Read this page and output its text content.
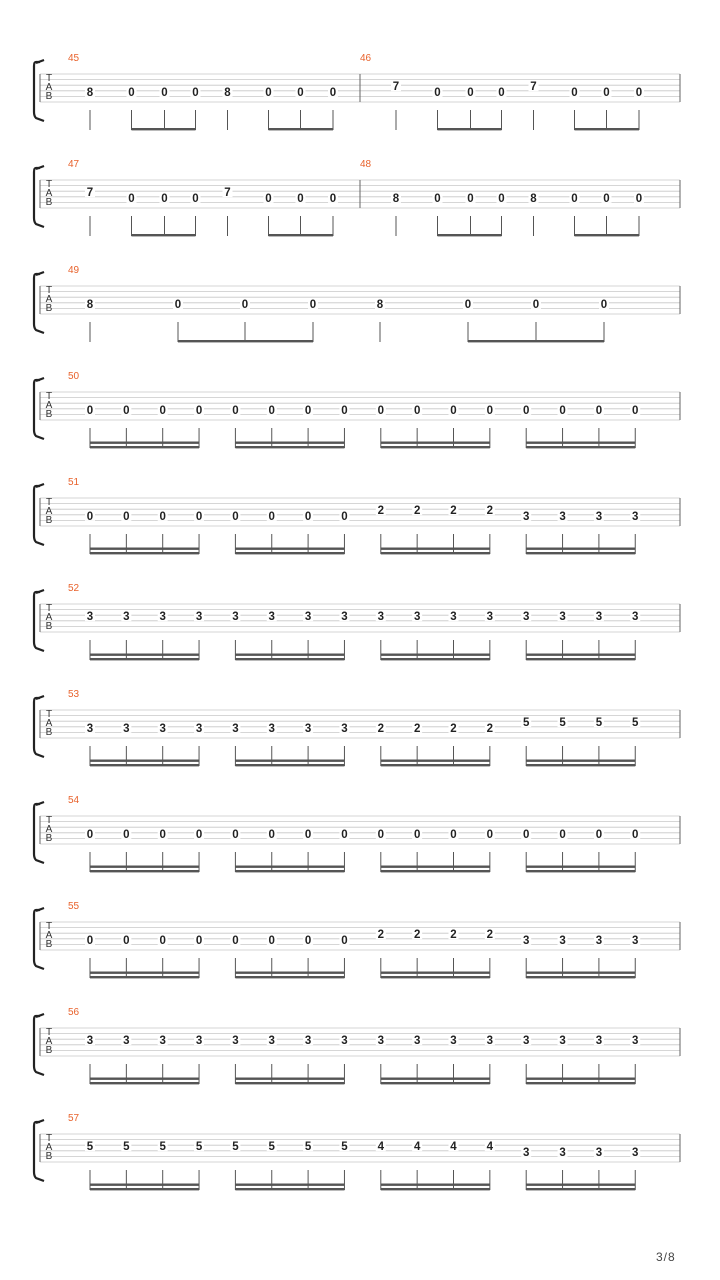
T
A
B
45
8	0 0 0 8	0 0 0
46
7	0 0 0 7	0 0 0
T
A
B
47
7	0 0 0 7	0 0 0
48
8	0 0 0 8	0 0 0
T
A
B
49
8	0	0	0	8	0	0	0
T
A
B
50
0	0	0	0	0	0	0	0	0	0	0	0	0	0	0	0
T
A
B
51
0	0	0	0	0	0	0	0	2	2	2	2	3	3	3	3
T
A
B
52
3	3	3	3	3	3	3	3	3	3	3	3	3	3	3	3
T
A
B
53
3	3	3	3	3	3	3	3	2	2	2	2	5	5	5	5
T
A
B
54
0	0	0	0	0	0	0	0	0	0	0	0	0	0	0	0
T
A
B
55
0	0	0	0	0	0	0	0	2	2	2	2	3	3	3	3
T
A
B
56
3	3	3	3	3	3	3	3	3	3	3	3	3	3	3	3
T
A
B
57
5	5	5	5	5	5	5	5	4	4	4	4	3	3	3	3
3/8
